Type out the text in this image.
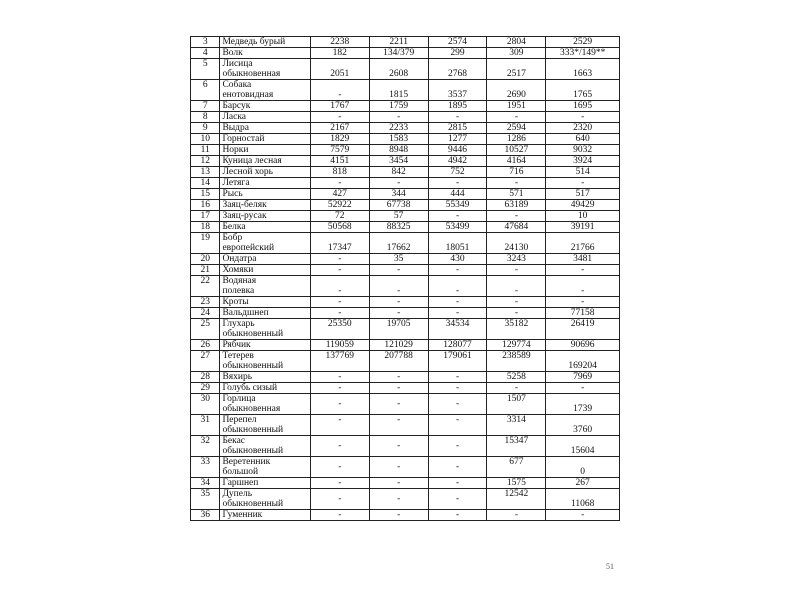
3	Медведь бурый	2238	2211	2574	2804	2529

4	Волк	182	134/379	299	309	333*/149**

5	Лисица
обыкновенная	2051	2608	2768	2517	1663

6	Собака
енотовидная	-	1815	3537	2690	1765

7	Барсук	1767	1759	1895	1951	1695

8	Ласка	-	-	-	-	-

9	Выдра	2167	2233	2815	2594	2320

10	Горностай	1829	1583	1277	1286	640

11	Норки	7579	8948	9446	10527	9032

12	Куница лесная	4151	3454	4942	4164	3924

13	Лесной хорь	818	842	752	716	514

14	Летяга	-	-	-	-	-

15	Рысь	427	344	444	571	517

16	Заяц-беляк	52922	67738	55349	63189	49429

17	Заяц-русак	72	57	-	-	10

18	Белка	50568	88325	53499	47684	39191

19	Бобр
европейский	17347	17662	18051	24130	21766

20	Ондатра	-	35	430	3243	3481

21	Хомяки	-	-	-	-	-

22	Водяная
полевка	-	-	-	-	-

23	Кроты	-	-	-	-	-

24	Вальдшнеп	-	-	-	-	77158

25	Глухарь
обыкновенный	25350	19705	34534	35182	26419

26	Рябчик	119059	121029	128077	129774	90696

27	Тетерев
обыкновенный	137769	207788	179061	238589	169204

28	Вяхирь	-	-	-	5258	7969

29	Голубь сизый	-	-	-	-	-

30	Горлица
обыкновенная	-	-	-	1507	1739

31	Перепел
обыкновенный	-	-	-	3314	3760

32	Бекас
обыкновенный	-	-	-	15347	15604

33	Веретенник
большой	-	-	-	677	0

34	Гаршнеп	-	-	-	1575	267

35	Дупель
обыкновенный	-	-	-	12542	11068

36	Гуменник	-	-	-	-	-
51
